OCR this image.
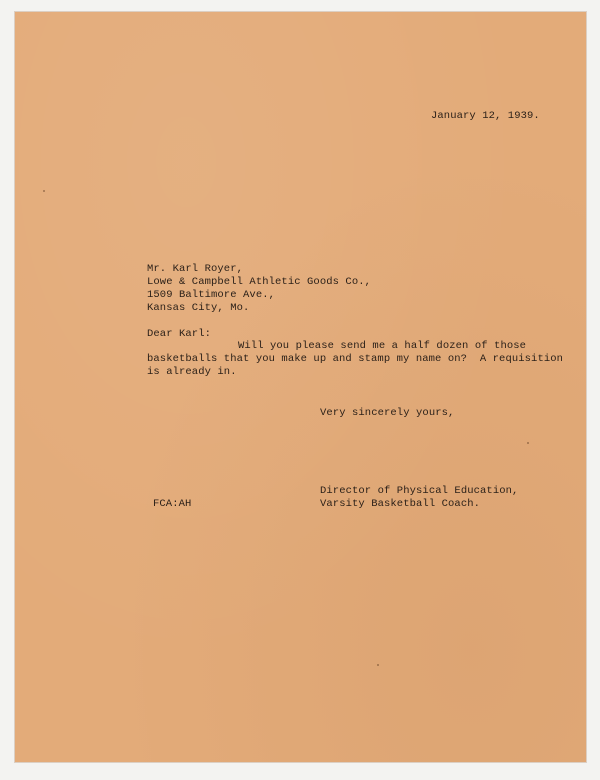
January 12, 1939.
Mr. Karl Royer,
Lowe & Campbell Athletic Goods Co.,
1509 Baltimore Ave.,
Kansas City, Mo.
Dear Karl:
Will you please send me a half dozen of those
basketballs that you make up and stamp my name on?  A requisition
is already in.
Very sincerely yours,
Director of Physical Education,
Varsity Basketball Coach.
FCA:AH
